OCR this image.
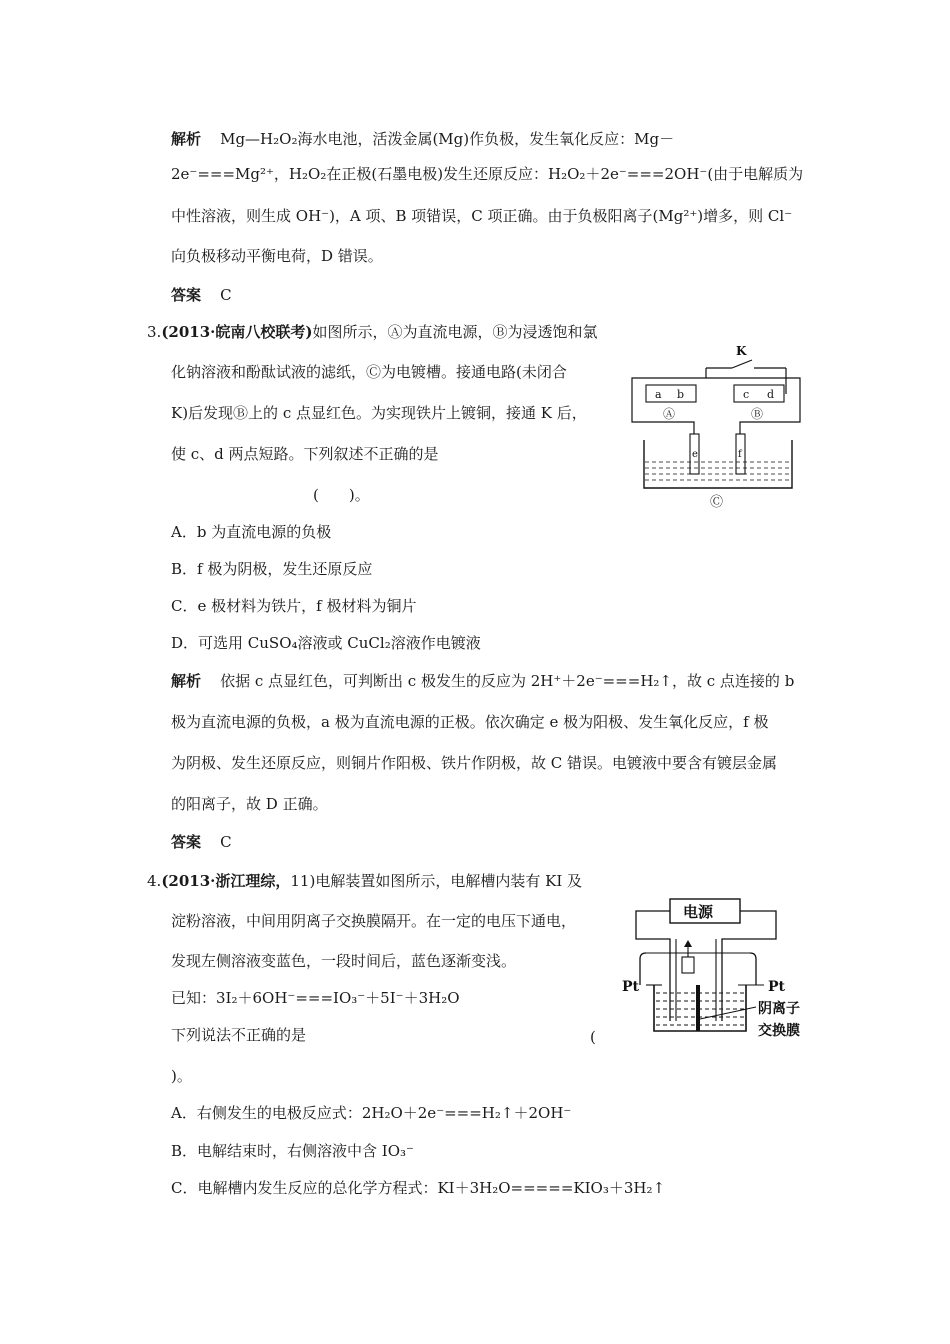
解析 Mg—H₂O₂海水电池，活泼金属(Mg)作负极，发生氧化反应：Mg－
2e⁻===Mg²⁺，H₂O₂在正极(石墨电极)发生还原反应：H₂O₂＋2e⁻===2OH⁻(由于电解质为
中性溶液，则生成 OH⁻)，A 项、B 项错误，C 项正确。由于负极阳离子(Mg²⁺)增多，则 Cl⁻
向负极移动平衡电荷，D 错误。
答案 C
3.(2013·皖南八校联考)如图所示，Ⓐ为直流电源，Ⓑ为浸透饱和氯
化钠溶液和酚酞试液的滤纸，Ⓒ为电镀槽。接通电路(未闭合
K)后发现Ⓑ上的 c 点显红色。为实现铁片上镀铜，接通 K 后，
使 c、d 两点短路。下列叙述不正确的是
(　　)。
A．b 为直流电源的负极
B．f 极为阴极，发生还原反应
C．e 极材料为铁片，f 极材料为铜片
D．可选用 CuSO₄溶液或 CuCl₂溶液作电镀液
解析 依据 c 点显红色，可判断出 c 极发生的反应为 2H⁺＋2e⁻===H₂↑，故 c 点连接的 b
极为直流电源的负极，a 极为直流电源的正极。依次确定 e 极为阳极、发生氧化反应，f 极
为阴极、发生还原反应，则铜片作阳极、铁片作阴极，故 C 错误。电镀液中要含有镀层金属
的阳离子，故 D 正确。
答案 C
K
a b
Ⓐ
c d
Ⓑ
e	f
Ⓒ
4.(2013·浙江理综，11)电解装置如图所示，电解槽内装有 KI 及
淀粉溶液，中间用阴离子交换膜隔开。在一定的电压下通电，
发现左侧溶液变蓝色，一段时间后，蓝色逐渐变浅。
已知：3I₂＋6OH⁻===IO₃⁻＋5I⁻＋3H₂O
下列说法不正确的是	(
)。
A．右侧发生的电极反应式：2H₂O＋2e⁻===H₂↑＋2OH⁻
B．电解结束时，右侧溶液中含 IO₃⁻
C．电解槽内发生反应的总化学方程式：KI＋3H₂O=====KIO₃＋3H₂↑
电源
Pt	Pt
阴离子
交换膜
